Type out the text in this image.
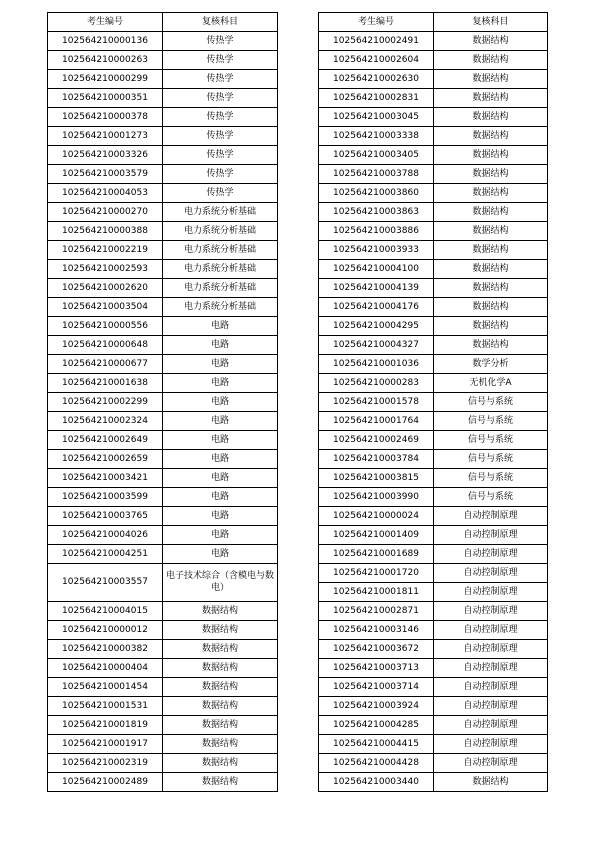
考生编号	复核科目
102564210000136	传热学
102564210000263	传热学
102564210000299	传热学
102564210000351	传热学
102564210000378	传热学
102564210001273	传热学
102564210003326	传热学
102564210003579	传热学
102564210004053	传热学
102564210000270	电力系统分析基础
102564210000388	电力系统分析基础
102564210002219	电力系统分析基础
102564210002593	电力系统分析基础
102564210002620	电力系统分析基础
102564210003504	电力系统分析基础
102564210000556	电路
102564210000648	电路
102564210000677	电路
102564210001638	电路
102564210002299	电路
102564210002324	电路
102564210002649	电路
102564210002659	电路
102564210003421	电路
102564210003599	电路
102564210003765	电路
102564210004026	电路
102564210004251	电路
102564210003557	电子技术综合（含模电与数电）
102564210004015	数据结构
102564210000012	数据结构
102564210000382	数据结构
102564210000404	数据结构
102564210001454	数据结构
102564210001531	数据结构
102564210001819	数据结构
102564210001917	数据结构
102564210002319	数据结构
102564210002489	数据结构
考生编号	复核科目
102564210002491	数据结构
102564210002604	数据结构
102564210002630	数据结构
102564210002831	数据结构
102564210003045	数据结构
102564210003338	数据结构
102564210003405	数据结构
102564210003788	数据结构
102564210003860	数据结构
102564210003863	数据结构
102564210003886	数据结构
102564210003933	数据结构
102564210004100	数据结构
102564210004139	数据结构
102564210004176	数据结构
102564210004295	数据结构
102564210004327	数据结构
102564210001036	数学分析
102564210000283	无机化学A
102564210001578	信号与系统
102564210001764	信号与系统
102564210002469	信号与系统
102564210003784	信号与系统
102564210003815	信号与系统
102564210003990	信号与系统
102564210000024	自动控制原理
102564210001409	自动控制原理
102564210001689	自动控制原理
102564210001720	自动控制原理
102564210001811	自动控制原理
102564210002871	自动控制原理
102564210003146	自动控制原理
102564210003672	自动控制原理
102564210003713	自动控制原理
102564210003714	自动控制原理
102564210003924	自动控制原理
102564210004285	自动控制原理
102564210004415	自动控制原理
102564210004428	自动控制原理
102564210003440	数据结构
